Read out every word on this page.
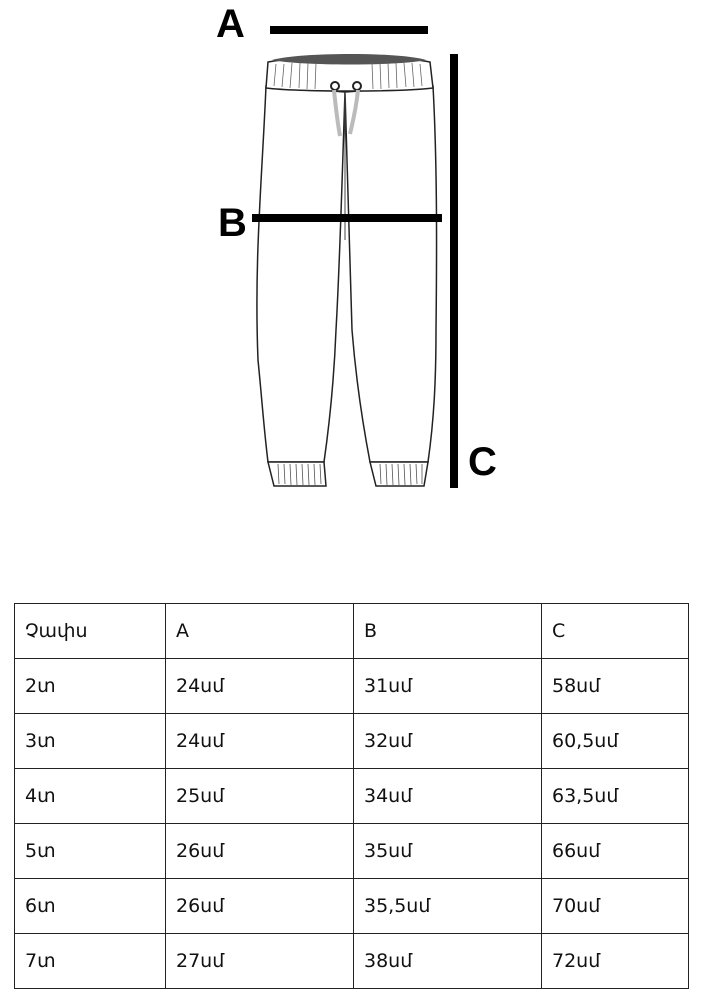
A
B
C
Չափս	A	B	C
2տ	24սմ	31սմ	58սմ
3տ	24սմ	32սմ	60,5սմ
4տ	25սմ	34սմ	63,5սմ
5տ	26սմ	35սմ	66սմ
6տ	26սմ	35,5սմ	70սմ
7տ	27սմ	38սմ	72սմ
